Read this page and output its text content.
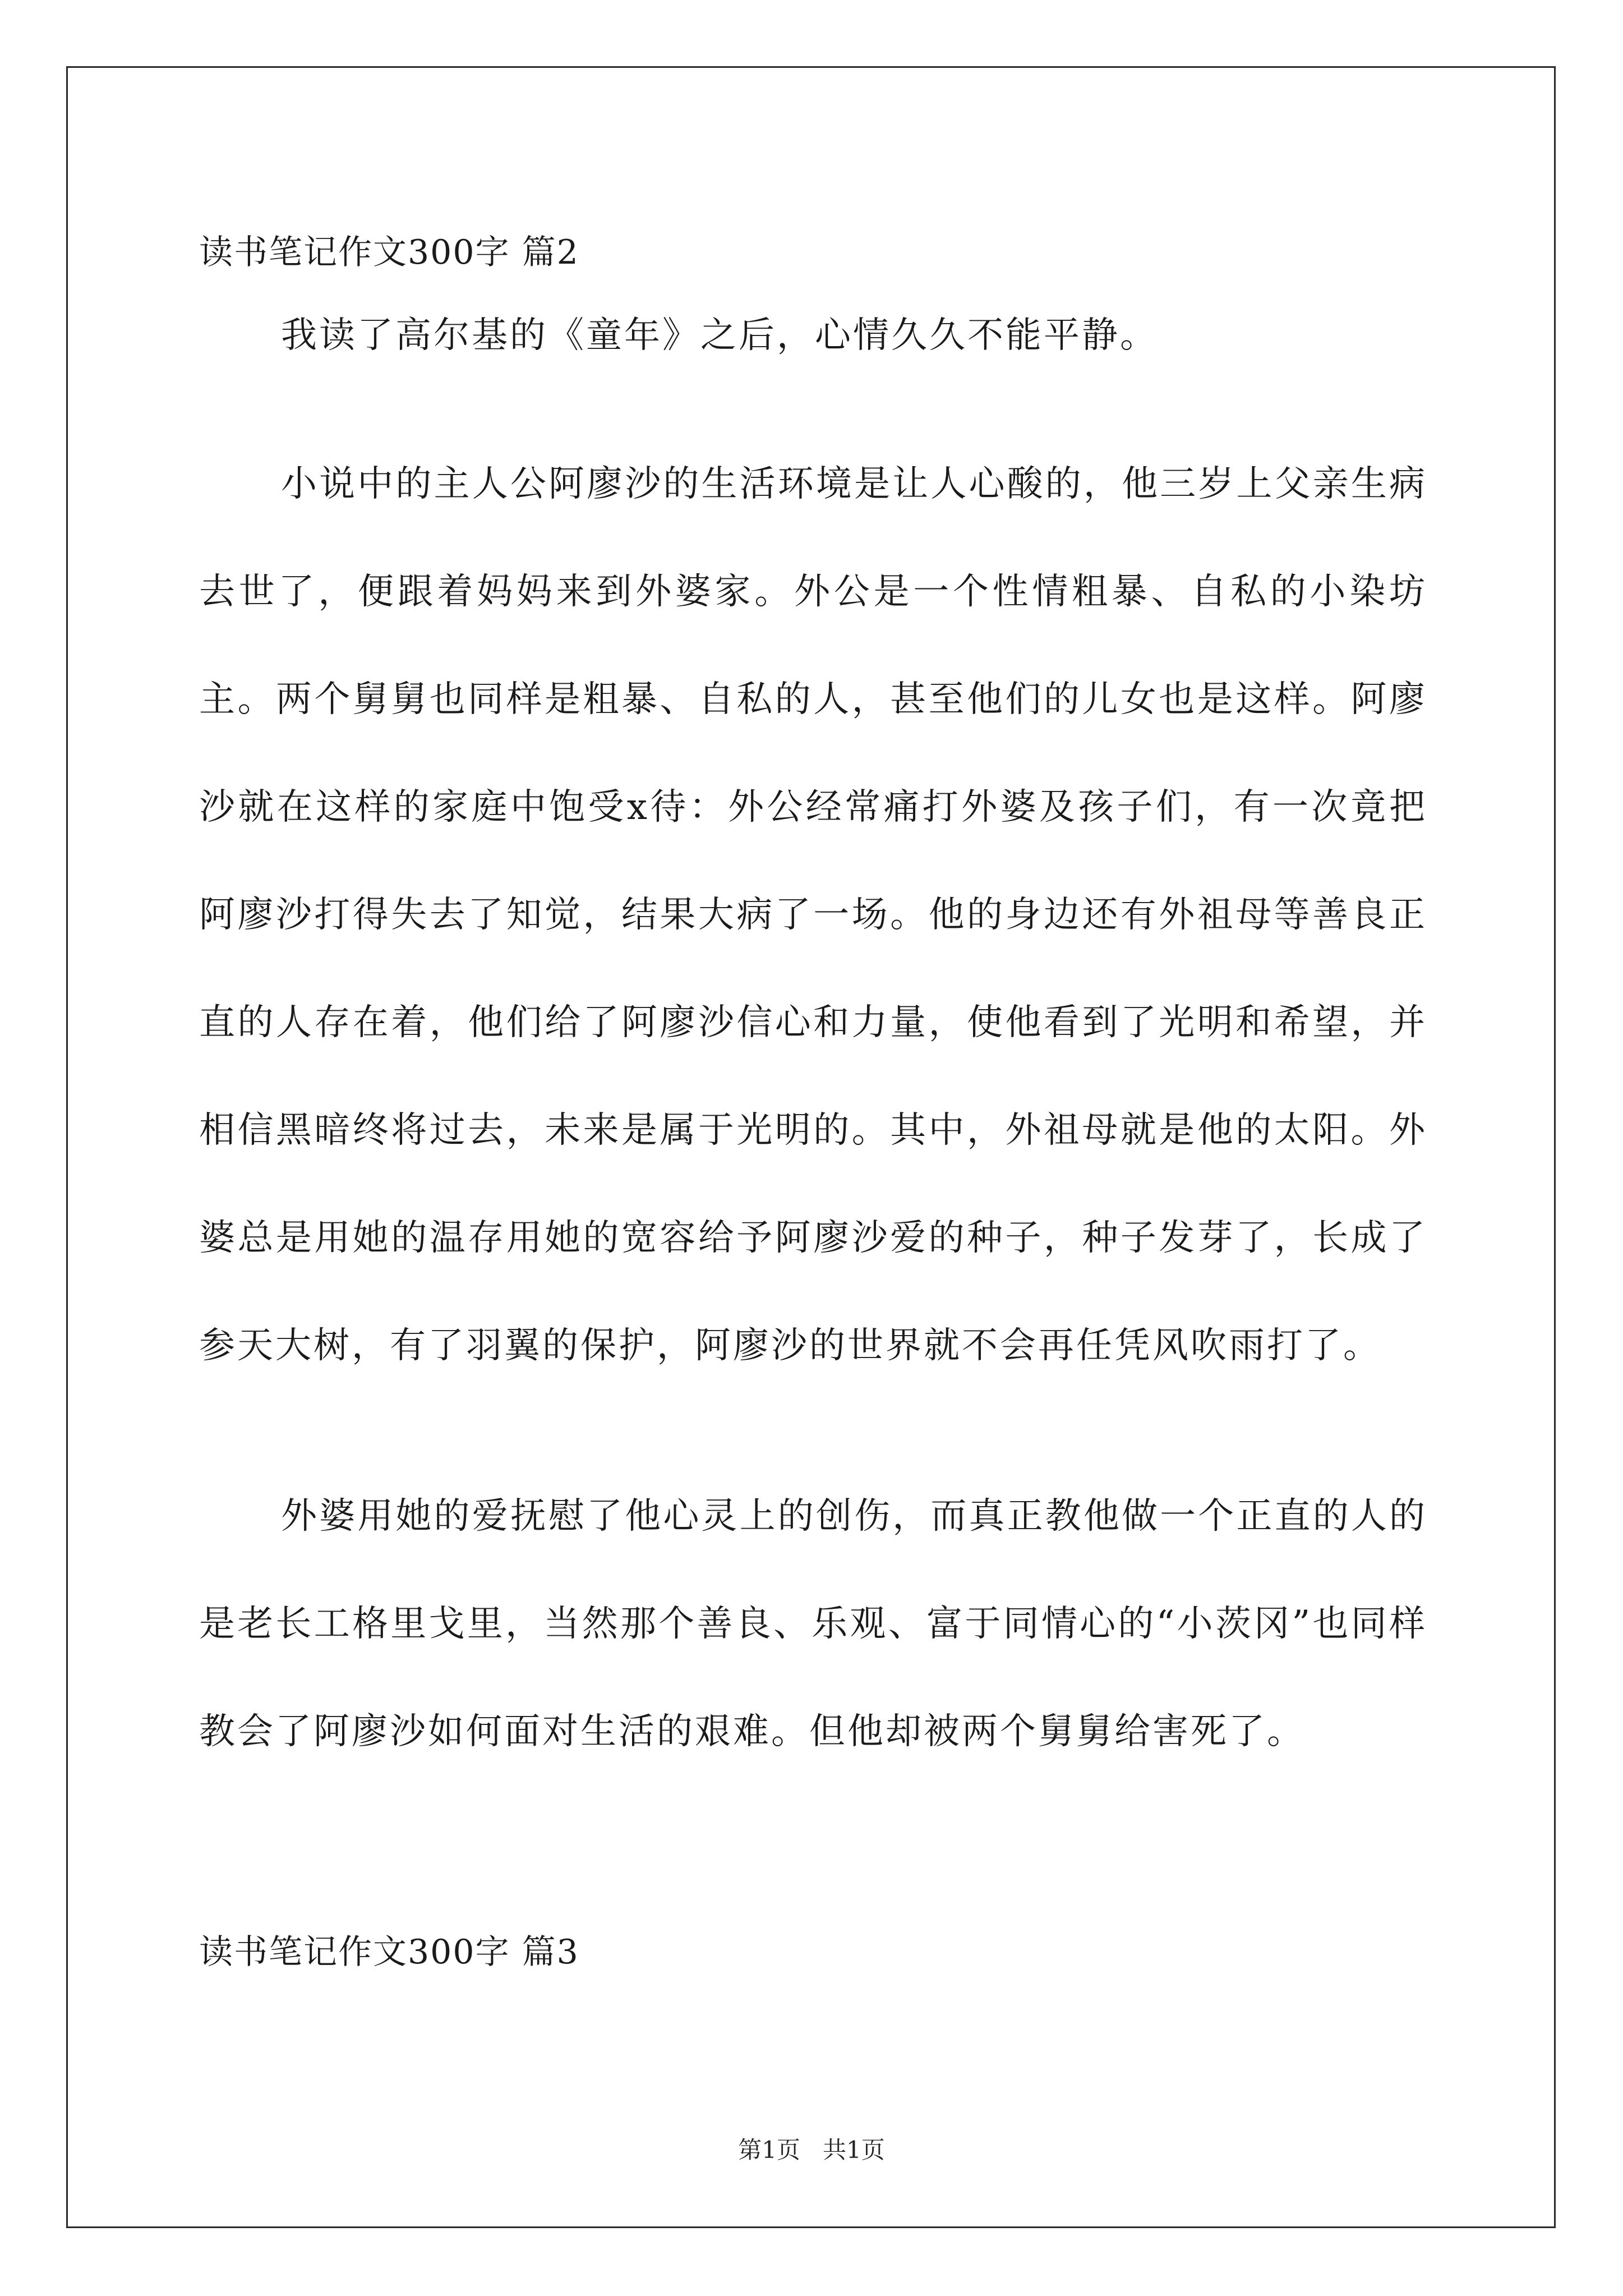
读书笔记作文300字 篇2

我读了高尔基的《童年》之后，心情久久不能平静。

小说中的主人公阿廖沙的生活环境是让人心酸的，他三岁上父亲生病去世了，便跟着妈妈来到外婆家。外公是一个性情粗暴、自私的小染坊主。两个舅舅也同样是粗暴、自私的人，甚至他们的儿女也是这样。阿廖沙就在这样的家庭中饱受x待：外公经常痛打外婆及孩子们，有一次竟把阿廖沙打得失去了知觉，结果大病了一场。他的身边还有外祖母等善良正直的人存在着，他们给了阿廖沙信心和力量，使他看到了光明和希望，并相信黑暗终将过去，未来是属于光明的。其中，外祖母就是他的太阳。外婆总是用她的温存用她的宽容给予阿廖沙爱的种子，种子发芽了，长成了参天大树，有了羽翼的保护，阿廖沙的世界就不会再任凭风吹雨打了。

外婆用她的爱抚慰了他心灵上的创伤，而真正教他做一个正直的人的是老长工格里戈里，当然那个善良、乐观、富于同情心的“小茨冈”也同样教会了阿廖沙如何面对生活的艰难。但他却被两个舅舅给害死了。

读书笔记作文300字 篇3
第1页   共1页
